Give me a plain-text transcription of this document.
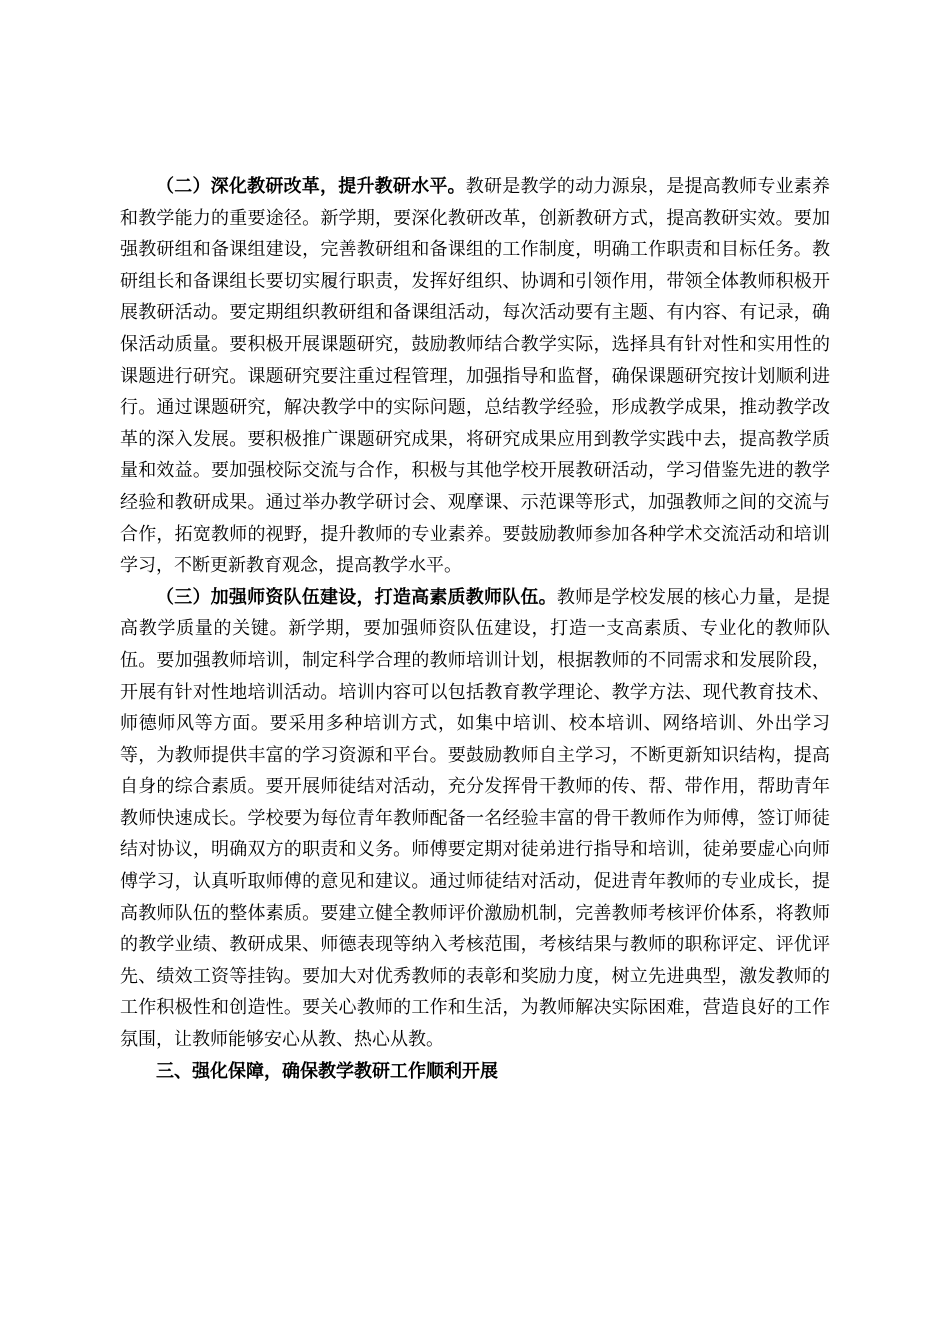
（二）深化教研改革，提升教研水平。教研是教学的动力源泉，是提高教师专业素养和教学能力的重要途径。新学期，要深化教研改革，创新教研方式，提高教研实效。要加强教研组和备课组建设，完善教研组和备课组的工作制度，明确工作职责和目标任务。教研组长和备课组长要切实履行职责，发挥好组织、协调和引领作用，带领全体教师积极开展教研活动。要定期组织教研组和备课组活动，每次活动要有主题、有内容、有记录，确保活动质量。要积极开展课题研究，鼓励教师结合教学实际，选择具有针对性和实用性的课题进行研究。课题研究要注重过程管理，加强指导和监督，确保课题研究按计划顺利进行。通过课题研究，解决教学中的实际问题，总结教学经验，形成教学成果，推动教学改革的深入发展。要积极推广课题研究成果，将研究成果应用到教学实践中去，提高教学质量和效益。要加强校际交流与合作，积极与其他学校开展教研活动，学习借鉴先进的教学经验和教研成果。通过举办教学研讨会、观摩课、示范课等形式，加强教师之间的交流与合作，拓宽教师的视野，提升教师的专业素养。要鼓励教师参加各种学术交流活动和培训学习，不断更新教育观念，提高教学水平。

（三）加强师资队伍建设，打造高素质教师队伍。教师是学校发展的核心力量，是提高教学质量的关键。新学期，要加强师资队伍建设，打造一支高素质、专业化的教师队伍。要加强教师培训，制定科学合理的教师培训计划，根据教师的不同需求和发展阶段，开展有针对性地培训活动。培训内容可以包括教育教学理论、教学方法、现代教育技术、师德师风等方面。要采用多种培训方式，如集中培训、校本培训、网络培训、外出学习等，为教师提供丰富的学习资源和平台。要鼓励教师自主学习，不断更新知识结构，提高自身的综合素质。要开展师徒结对活动，充分发挥骨干教师的传、帮、带作用，帮助青年教师快速成长。学校要为每位青年教师配备一名经验丰富的骨干教师作为师傅，签订师徒结对协议，明确双方的职责和义务。师傅要定期对徒弟进行指导和培训，徒弟要虚心向师傅学习，认真听取师傅的意见和建议。通过师徒结对活动，促进青年教师的专业成长，提高教师队伍的整体素质。要建立健全教师评价激励机制，完善教师考核评价体系，将教师的教学业绩、教研成果、师德表现等纳入考核范围，考核结果与教师的职称评定、评优评先、绩效工资等挂钩。要加大对优秀教师的表彰和奖励力度，树立先进典型，激发教师的工作积极性和创造性。要关心教师的工作和生活，为教师解决实际困难，营造良好的工作氛围，让教师能够安心从教、热心从教。

三、强化保障，确保教学教研工作顺利开展
